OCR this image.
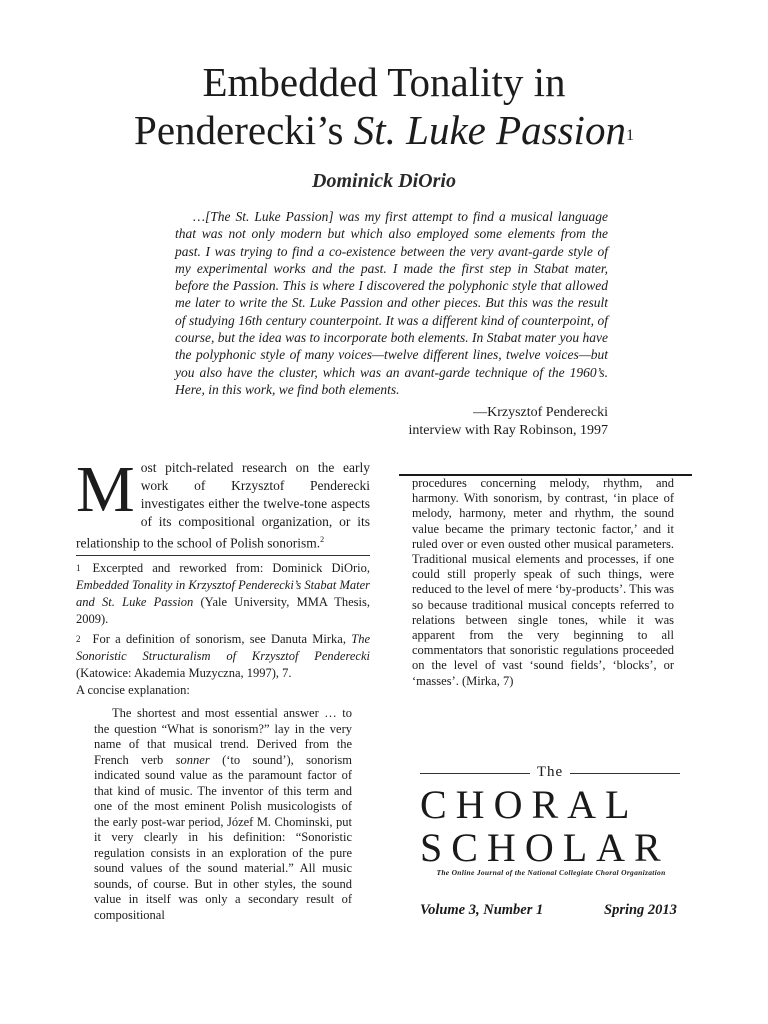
Embedded Tonality in
Penderecki’s St. Luke Passion$^1$
Dominick DiOrio

…[The St. Luke Passion] was my first attempt to find a musical language that was not only modern but which also employed some elements from the past. I was trying to find a co-existence between the very avant-garde style of my experimental works and the past. I made the first step in Stabat mater, before the Passion. This is where I discovered the polyphonic style that allowed me later to write the St. Luke Passion and other pieces. But this was the result of studying 16th century counterpoint. It was a different kind of counterpoint, of course, but the idea was to incorporate both elements. In Stabat mater you have the polyphonic style of many voices—twelve different lines, twelve voices—but you also have the cluster, which was an avant-garde technique of the 1960’s. Here, in this work, we find both elements.

—Krzysztof Penderecki
interview with Ray Robinson, 1997
M ost pitch-related research on the early work of Krzysztof Penderecki investigates either the twelve-tone aspects of its compositional organization, or its relationship to the school of Polish sonorism.$^2$

$^1$ Excerpted and reworked from: Dominick DiOrio, Embedded Tonality in Krzysztof Penderecki’s Stabat Mater and St. Luke Passion (Yale University, MMA Thesis, 2009).
$^2$ For a definition of sonorism, see Danuta Mirka, The Sonoristic Structuralism of Krzysztof Penderecki (Katowice: Akademia Muzyczna, 1997), 7.
A concise explanation:

The shortest and most essential answer … to the question “What is sonorism?” lay in the very name of that musical trend. Derived from the French verb sonner (‘to sound’), sonorism indicated sound value as the paramount factor of that kind of music. The inventor of this term and one of the most eminent Polish musicologists of the early post-war period, Józef M. Chominski, put it very clearly in his definition: “Sonoristic regulation consists in an exploration of the pure sound values of the sound material.” All music sounds, of course. But in other styles, the sound value in itself was only a secondary result of compositional

procedures concerning melody, rhythm, and harmony. With sonorism, by contrast, ‘in place of melody, harmony, meter and rhythm, the sound value became the primary tectonic factor,’ and it ruled over or even ousted other musical parameters. Traditional musical elements and processes, if one could still properly speak of such things, were reduced to the level of mere ‘by-products’. This was so because traditional musical concepts referred to relations between single tones, while it was apparent from the very beginning to all commentators that sonoristic regulations proceeded on the level of vast ‘sound fields’, ‘blocks’, or ‘masses’. (Mirka, 7)

The
CHORAL
SCHOLAR
The Online Journal of the National Collegiate Choral Organization
Volume 3, Number 1	Spring 2013
